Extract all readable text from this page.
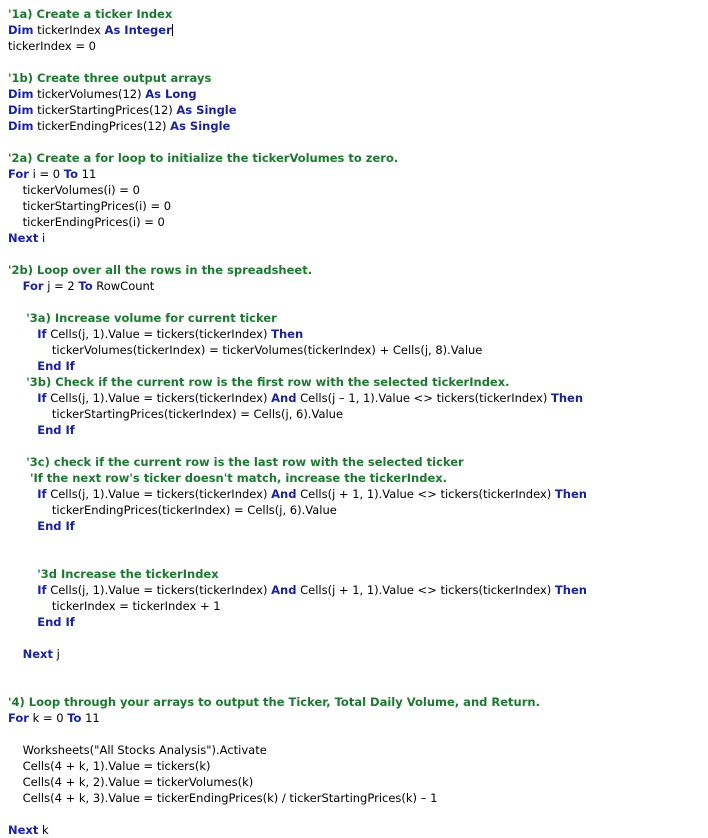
'1a) Create a ticker Index
Dim tickerIndex As Integer
tickerIndex = 0

'1b) Create three output arrays
Dim tickerVolumes(12) As Long
Dim tickerStartingPrices(12) As Single
Dim tickerEndingPrices(12) As Single

'2a) Create a for loop to initialize the tickerVolumes to zero.
For i = 0 To 11
tickerVolumes(i) = 0
tickerStartingPrices(i) = 0
tickerEndingPrices(i) = 0
Next i

'2b) Loop over all the rows in the spreadsheet.
For j = 2 To RowCount

'3a) Increase volume for current ticker
If Cells(j, 1).Value = tickers(tickerIndex) Then
tickerVolumes(tickerIndex) = tickerVolumes(tickerIndex) + Cells(j, 8).Value
End If
'3b) Check if the current row is the first row with the selected tickerIndex.
If Cells(j, 1).Value = tickers(tickerIndex) And Cells(j – 1, 1).Value <> tickers(tickerIndex) Then
tickerStartingPrices(tickerIndex) = Cells(j, 6).Value
End If

'3c) check if the current row is the last row with the selected ticker
'If the next row's ticker doesn't match, increase the tickerIndex.
If Cells(j, 1).Value = tickers(tickerIndex) And Cells(j + 1, 1).Value <> tickers(tickerIndex) Then
tickerEndingPrices(tickerIndex) = Cells(j, 6).Value
End If

'3d Increase the tickerIndex
If Cells(j, 1).Value = tickers(tickerIndex) And Cells(j + 1, 1).Value <> tickers(tickerIndex) Then
tickerIndex = tickerIndex + 1
End If

Next j

'4) Loop through your arrays to output the Ticker, Total Daily Volume, and Return.
For k = 0 To 11

Worksheets("All Stocks Analysis").Activate
Cells(4 + k, 1).Value = tickers(k)
Cells(4 + k, 2).Value = tickerVolumes(k)
Cells(4 + k, 3).Value = tickerEndingPrices(k) / tickerStartingPrices(k) – 1

Next k
